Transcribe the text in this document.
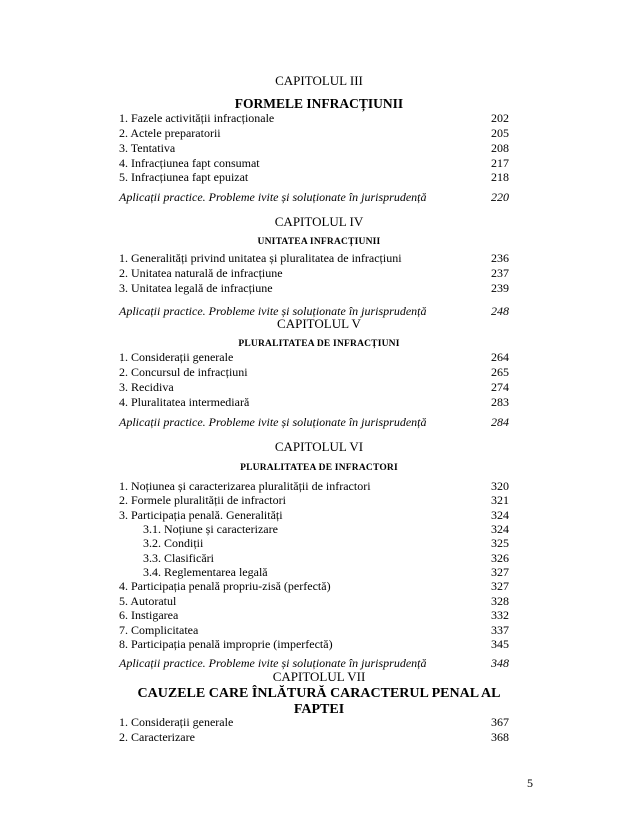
CAPITOLUL III
FORMELE INFRACȚIUNII
1. Fazele activității infracționale	202
2. Actele preparatorii	205
3. Tentativa	208
4. Infracțiunea fapt consumat	217
5. Infracțiunea fapt epuizat	218
Aplicații practice. Probleme ivite și soluționate în jurisprudență	220
CAPITOLUL IV
UNITATEA INFRACȚIUNII
1. Generalități privind unitatea și pluralitatea de infracțiuni	236
2. Unitatea naturală de infracțiune	237
3. Unitatea legală de infracțiune	239
Aplicații practice. Probleme ivite și soluționate în jurisprudență	248
CAPITOLUL V
PLURALITATEA DE INFRACȚIUNI
1. Considerații generale	264
2. Concursul de infracțiuni	265
3. Recidiva	274
4. Pluralitatea intermediară	283
Aplicații practice. Probleme ivite și soluționate în jurisprudență	284
CAPITOLUL VI
PLURALITATEA DE INFRACTORI
1. Noțiunea și caracterizarea pluralității de infractori	320
2. Formele pluralității de infractori	321
3. Participația penală. Generalități	324
3.1. Noțiune și caracterizare	324
3.2. Condiții	325
3.3. Clasificări	326
3.4. Reglementarea legală	327
4. Participația penală propriu-zisă (perfectă)	327
5. Autoratul	328
6. Instigarea	332
7. Complicitatea	337
8. Participația penală improprie (imperfectă)	345
Aplicații practice. Probleme ivite și soluționate în jurisprudență	348
CAPITOLUL VII
CAUZELE CARE ÎNLĂTURĂ CARACTERUL PENAL AL
FAPTEI
1. Considerații generale	367
2. Caracterizare	368
5
